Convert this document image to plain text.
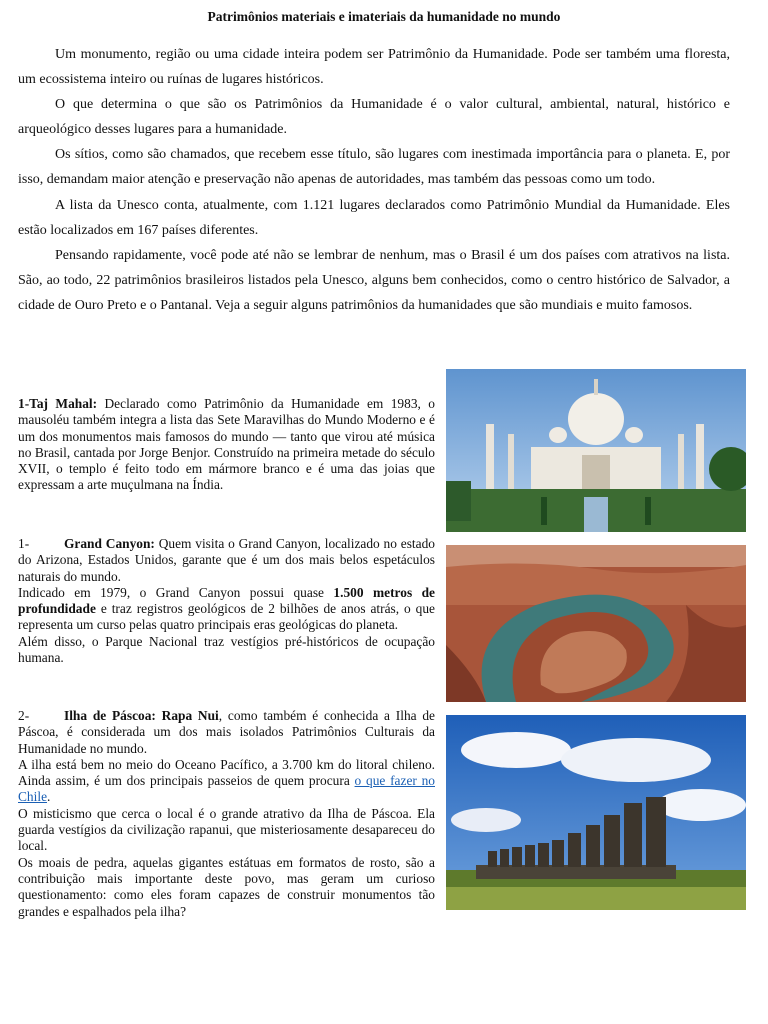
Patrimônios materiais e imateriais da humanidade no mundo

Um monumento, região ou uma cidade inteira podem ser Patrimônio da Humanidade. Pode ser também uma floresta, um ecossistema inteiro ou ruínas de lugares históricos.

O que determina o que são os Patrimônios da Humanidade é o valor cultural, ambiental, natural, histórico e arqueológico desses lugares para a humanidade.

Os sítios, como são chamados, que recebem esse título, são lugares com inestimada importância para o planeta. E, por isso, demandam maior atenção e preservação não apenas de autoridades, mas também das pessoas como um todo.

A lista da Unesco conta, atualmente, com 1.121 lugares declarados como Patrimônio Mundial da Humanidade. Eles estão localizados em 167 países diferentes.

Pensando rapidamente, você pode até não se lembrar de nenhum, mas o Brasil é um dos países com atrativos na lista. São, ao todo, 22 patrimônios brasileiros listados pela Unesco, alguns bem conhecidos, como o centro histórico de Salvador, a cidade de Ouro Preto e o Pantanal. Veja a seguir alguns patrimônios da humanidades que são mundiais e muito famosos.

1-Taj Mahal: Declarado como Patrimônio da Humanidade em 1983, o mausoléu também integra a lista das Sete Maravilhas do Mundo Moderno e é um dos monumentos mais famosos do mundo — tanto que virou até música no Brasil, cantada por Jorge Benjor. Construído na primeira metade do século XVII, o templo é feito todo em mármore branco e é uma das joias que expressam a arte muçulmana na Índia.

1-	Grand Canyon: Quem visita o Grand Canyon, localizado no estado do Arizona, Estados Unidos, garante que é um dos mais belos espetáculos naturais do mundo.

Indicado em 1979, o Grand Canyon possui quase 1.500 metros de profundidade e traz registros geológicos de 2 bilhões de anos atrás, o que representa um curso pelas quatro principais eras geológicas do planeta.

Além disso, o Parque Nacional traz vestígios pré-históricos de ocupação humana.

2-	Ilha de Páscoa: Rapa Nui, como também é conhecida a Ilha de Páscoa, é considerada um dos mais isolados Patrimônios Culturais da Humanidade no mundo.

A ilha está bem no meio do Oceano Pacífico, a 3.700 km do litoral chileno. Ainda assim, é um dos principais passeios de quem procura o que fazer no Chile.

O misticismo que cerca o local é o grande atrativo da Ilha de Páscoa. Ela guarda vestígios da civilização rapanui, que misteriosamente desapareceu do local.

Os moais de pedra, aquelas gigantes estátuas em formatos de rosto, são a contribuição mais importante deste povo, mas geram um curioso questionamento: como eles foram capazes de construir monumentos tão grandes e espalhados pela ilha?
